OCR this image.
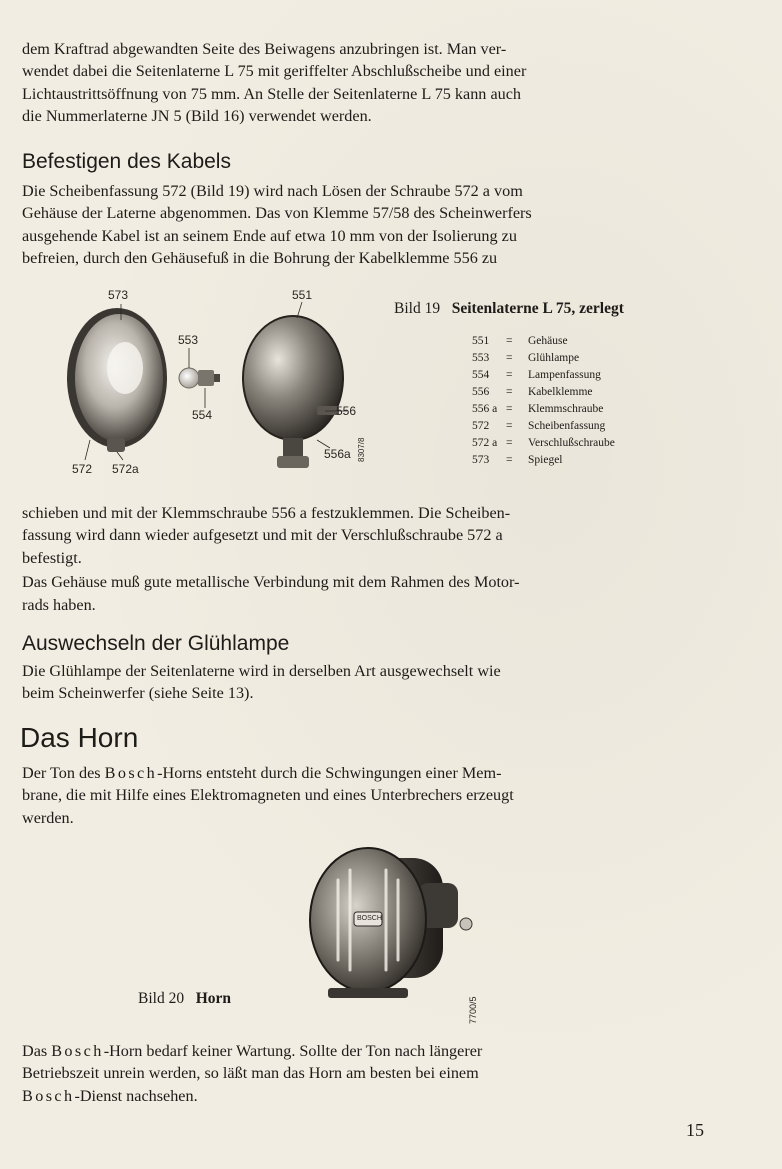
dem Kraftrad abgewandten Seite des Beiwagens anzubringen ist. Man ver-

wendet dabei die Seitenlaterne L 75 mit geriffelter Abschlußscheibe und einer

Lichtaustrittsöffnung von 75 mm. An Stelle der Seitenlaterne L 75 kann auch

die Nummerlaterne JN 5 (Bild 16) verwendet werden.

Befestigen des Kabels

Die Scheibenfassung 572 (Bild 19) wird nach Lösen der Schraube 572 a vom

Gehäuse der Laterne abgenommen. Das von Klemme 57/58 des Scheinwerfers

ausgehende Kabel ist an seinem Ende auf etwa 10 mm von der Isolierung zu

befreien, durch den Gehäusefuß in die Bohrung der Kabelklemme 556 zu

573	551
553
554	556
556a
572 572a
8307/8
Bild 19 Seitenlaterne L 75, zerlegt
551	=	Gehäuse
553	=	Glühlampe
554	=	Lampenfassung
556	=	Kabelklemme
556 a =	Klemmschraube
572	=	Scheibenfassung
572 a =	Verschlußschraube
573	=	Spiegel

schieben und mit der Klemmschraube 556 a festzuklemmen. Die Scheiben-

fassung wird dann wieder aufgesetzt und mit der Verschlußschraube 572 a

befestigt.

Das Gehäuse muß gute metallische Verbindung mit dem Rahmen des Motor-

rads haben.

Auswechseln der Glühlampe

Die Glühlampe der Seitenlaterne wird in derselben Art ausgewechselt wie

beim Scheinwerfer (siehe Seite 13).

Das Horn

Der Ton des Bosch-Horns entsteht durch die Schwingungen einer Mem-

brane, die mit Hilfe eines Elektromagneten und eines Unterbrechers erzeugt

werden.

BOSCH
7700/5
Bild 20 Horn

Das Bosch-Horn bedarf keiner Wartung. Sollte der Ton nach längerer

Betriebszeit unrein werden, so läßt man das Horn am besten bei einem

Bosch-Dienst nachsehen.

15
